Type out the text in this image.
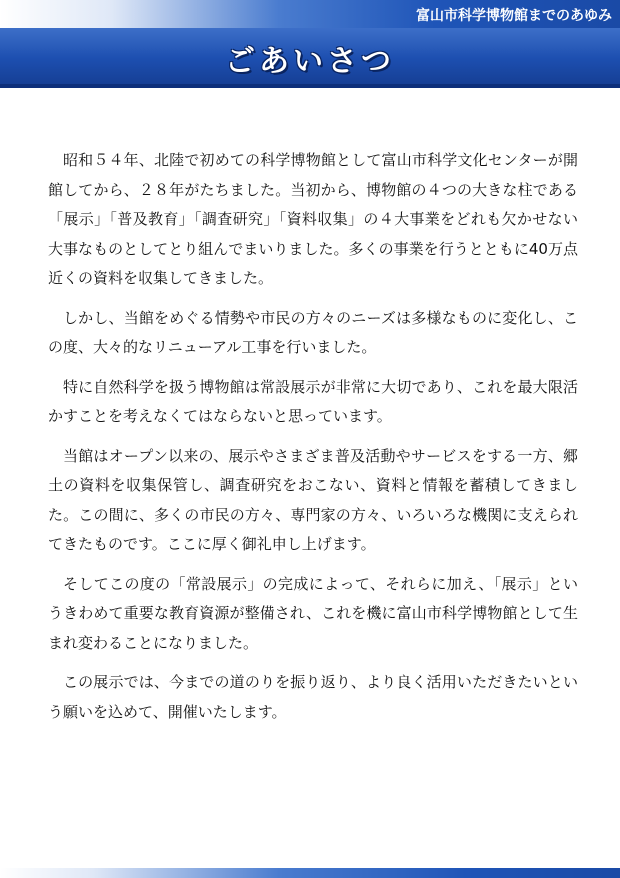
富山市科学博物館までのあゆみ
ごあいさつ

昭和５４年、北陸で初めての科学博物館として富山市科学文化センターが開館してから、２８年がたちました。当初から、博物館の４つの大きな柱である「展示」「普及教育」「調査研究」「資料収集」の４大事業をどれも欠かせない大事なものとしてとり組んでまいりました。多くの事業を行うとともに40万点近くの資料を収集してきました。

しかし、当館をめぐる情勢や市民の方々のニーズは多様なものに変化し、この度、大々的なリニューアル工事を行いました。

特に自然科学を扱う博物館は常設展示が非常に大切であり、これを最大限活かすことを考えなくてはならないと思っています。

当館はオープン以来の、展示やさまざま普及活動やサービスをする一方、郷土の資料を収集保管し、調査研究をおこない、資料と情報を蓄積してきました。この間に、多くの市民の方々、専門家の方々、いろいろな機関に支えられてきたものです。ここに厚く御礼申し上げます。

そしてこの度の「常設展示」の完成によって、それらに加え、「展示」というきわめて重要な教育資源が整備され、これを機に富山市科学博物館として生まれ変わることになりました。

この展示では、今までの道のりを振り返り、より良く活用いただきたいという願いを込めて、開催いたします。
